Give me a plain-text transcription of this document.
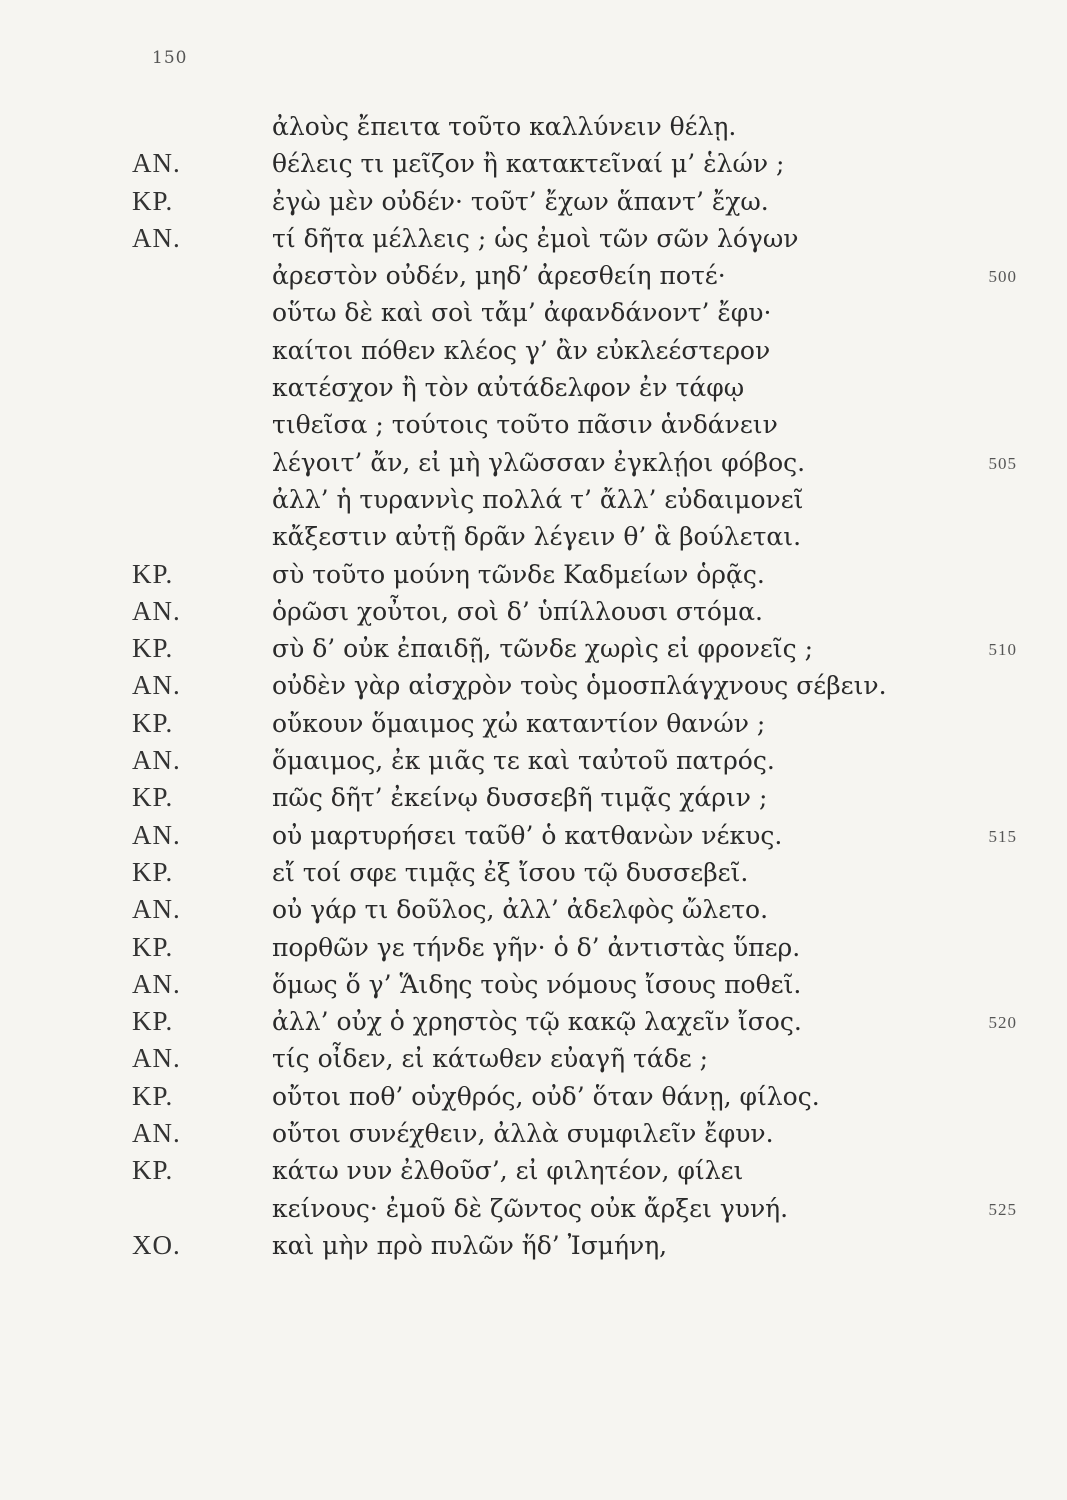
150
ἀλοὺς ἔπειτα τοῦτο καλλύνειν θέλῃ.
AN.	θέλεις τι μεῖζον ἢ κατακτεῖναί μ’ ἑλών ;
KP.	ἐγὼ μὲν οὐδέν· τοῦτ’ ἔχων ἅπαντ’ ἔχω.
AN.	τί δῆτα μέλλεις ; ὡς ἐμοὶ τῶν σῶν λόγων
ἀρεστὸν οὐδέν, μηδ’ ἀρεσθείη ποτέ·	500
οὕτω δὲ καὶ σοὶ τἄμ’ ἀφανδάνοντ’ ἔφυ·
καίτοι πόθεν κλέος γ’ ἂν εὐκλεέστερον
κατέσχον ἢ τὸν αὐτάδελφον ἐν τάφῳ
τιθεῖσα ; τούτοις τοῦτο πᾶσιν ἁνδάνειν
λέγοιτ’ ἄν, εἰ μὴ γλῶσσαν ἐγκλῄοι φόβος.	505
ἀλλ’ ἡ τυραννὶς πολλά τ’ ἄλλ’ εὐδαιμονεῖ
κἄξεστιν αὐτῇ δρᾶν λέγειν θ’ ἃ βούλεται.
KP.	σὺ τοῦτο μούνη τῶνδε Καδμείων ὁρᾷς.
AN.	ὁρῶσι χοὖτοι, σοὶ δ’ ὑπίλλουσι στόμα.
KP.	σὺ δ’ οὐκ ἐπαιδῇ, τῶνδε χωρὶς εἰ φρονεῖς ;	510
AN.	οὐδὲν γὰρ αἰσχρὸν τοὺς ὁμοσπλάγχνους σέβειν.
KP.	οὔκουν ὅμαιμος χὠ καταντίον θανών ;
AN.	ὅμαιμος, ἐκ μιᾶς τε καὶ ταὐτοῦ πατρός.
KP.	πῶς δῆτ’ ἐκείνῳ δυσσεβῆ τιμᾷς χάριν ;
AN.	οὐ μαρτυρήσει ταῦθ’ ὁ κατθανὼν νέκυς.	515
KP.	εἴ τοί σφε τιμᾷς ἐξ ἴσου τῷ δυσσεβεῖ.
AN.	οὐ γάρ τι δοῦλος, ἀλλ’ ἀδελφὸς ὤλετο.
KP.	πορθῶν γε τήνδε γῆν· ὁ δ’ ἀντιστὰς ὕπερ.
AN.	ὅμως ὅ γ’ Ἅιδης τοὺς νόμους ἴσους ποθεῖ.
KP.	ἀλλ’ οὐχ ὁ χρηστὸς τῷ κακῷ λαχεῖν ἴσος.	520
AN.	τίς οἶδεν, εἰ κάτωθεν εὐαγῆ τάδε ;
KP.	οὔτοι ποθ’ οὑχθρός, οὐδ’ ὅταν θάνῃ, φίλος.
AN.	οὔτοι συνέχθειν, ἀλλὰ συμφιλεῖν ἔφυν.
KP.	κάτω νυν ἐλθοῦσ’, εἰ φιλητέον, φίλει
κείνους· ἐμοῦ δὲ ζῶντος οὐκ ἄρξει γυνή.	525
XO.	καὶ μὴν πρὸ πυλῶν ἥδ’ Ἰσμήνη,
